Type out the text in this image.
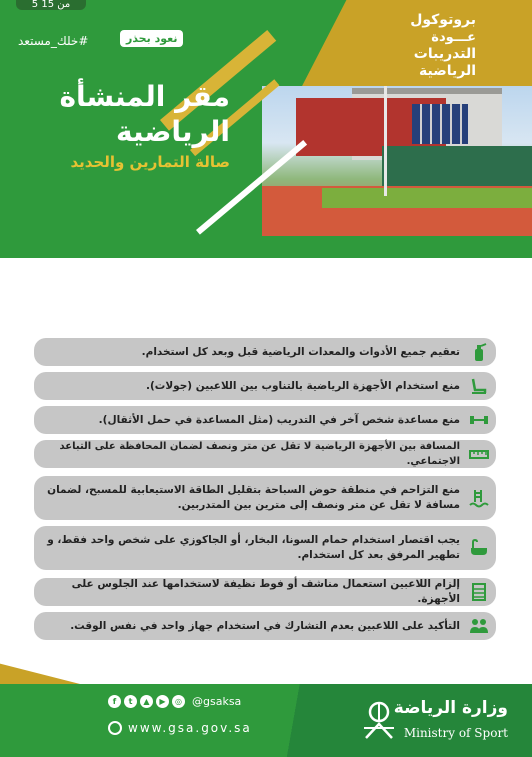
5 من 15
بروتوكول
عـــودة
التدريبات
الرياضية
#خلك_مستعد	نعود بحذر
مقر المنشأة
الرياضية
صالة التمارين والحديد
تعقيم جميع الأدوات والمعدات الرياضية قبل وبعد كل استخدام.
منع استخدام الأجهزة الرياضية بالتناوب بين اللاعبين (جولات).
منع مساعدة شخص آخر في التدريب (مثل المساعدة في حمل الأثقال).
المسافة بين الأجهزة الرياضية لا تقل عن متر ونصف لضمان المحافظة على التباعد الاجتماعي.
منع التزاحم في منطقة حوض السباحة بتقليل الطاقة الاستيعابية للمسبح، لضمان مسافة لا تقل عن متر ونصف إلى مترين بين المتدربين.
يجب اقتصار استخدام حمام السونا، البخار، أو الجاكوزي على شخص واحد فقط، و تطهير المرفق بعد كل استخدام.
إلزام اللاعبين استعمال مناشف أو فوط نظيفة لاستخدامها عند الجلوس على الأجهزة.
التأكيد على اللاعبين بعدم التشارك في استخدام جهاز واحد في نفس الوقت.
f	t	▲	▶	◎ @gsaksa
www.gsa.gov.sa
وزارة الرياضة
Ministry of Sport
